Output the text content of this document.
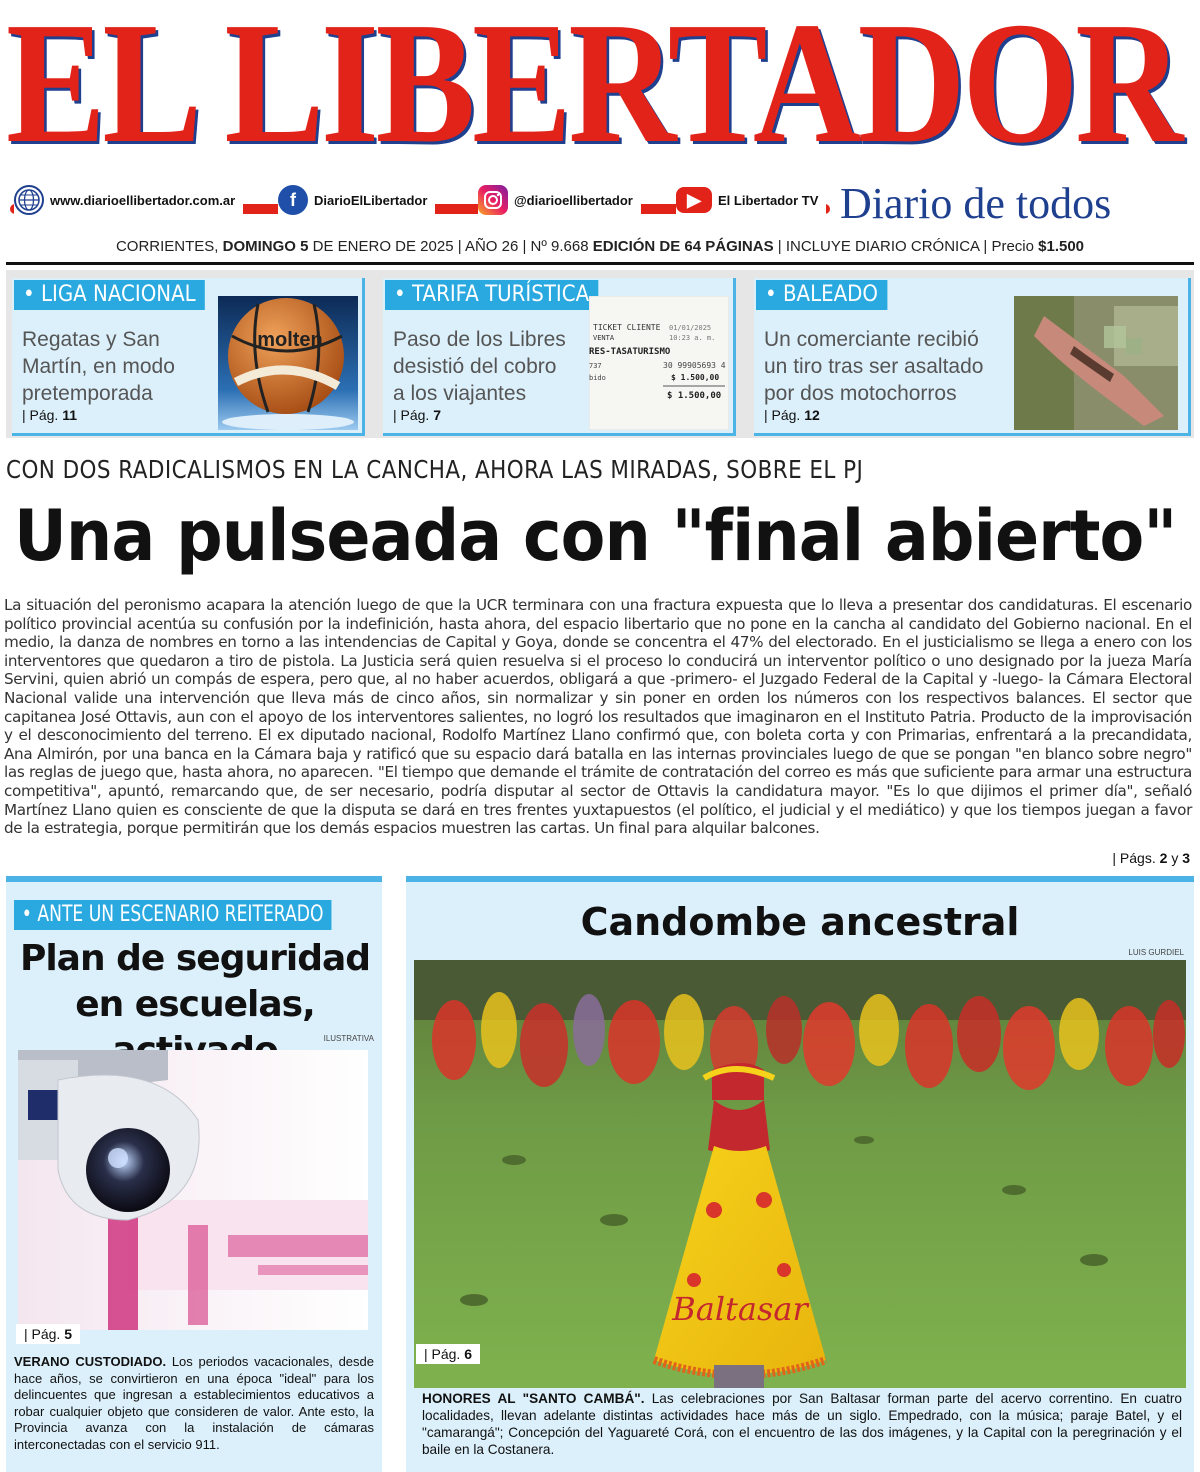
EL LIBERTADOR
www.diarioellibertador.com.ar	f	DiarioElLibertador	@diarioellibertador	▶	El Libertador TV Diario de todos
CORRIENTES, DOMINGO 5 DE ENERO DE 2025 | AÑO 26 | Nº 9.668 EDICIÓN DE 64 PÁGINAS | INCLUYE DIARIO CRÓNICA | Precio $1.500
• LIGA NACIONAL
Regatas y San Martín, en modo pretemporada
| Pág. 11
molten
• TARIFA TURÍSTICA
Paso de los Libres desistió del cobro a los viajantes
| Pág. 7
TICKET CLIENTE
VENTA
01/01/2025
10:23 a. m.
RES-TASATURISMO
737	30 99905693 4
bido	$ 1.500,00
$ 1.500,00
• BALEADO
Un comerciante recibió un tiro tras ser asaltado por dos motochorros
| Pág. 12
CON DOS RADICALISMOS EN LA CANCHA, AHORA LAS MIRADAS, SOBRE EL PJ
Una pulseada con "final abierto"
La situación del peronismo acapara la atención luego de que la UCR terminara con una fractura expuesta que lo lleva a presentar dos candidaturas. El escenario político provincial acentúa su confusión por la indefinición, hasta ahora, del espacio libertario que no pone en la cancha al candidato del Gobierno nacional. En el medio, la danza de nombres en torno a las intendencias de Capital y Goya, donde se concentra el 47% del electorado. En el justicialismo se llega a enero con los interventores que quedaron a tiro de pistola. La Justicia será quien resuelva si el proceso lo conducirá un interventor político o uno designado por la jueza María Servini, quien abrió un compás de espera, pero que, al no haber acuerdos, obligará a que -primero- el Juzgado Federal de la Capital y -luego- la Cámara Electoral Nacional valide una intervención que lleva más de cinco años, sin normalizar y sin poner en orden los números con los respectivos balances. El sector que capitanea José Ottavis, aun con el apoyo de los interventores salientes, no logró los resultados que imaginaron en el Instituto Patria. Producto de la improvisación y el desconocimiento del terreno. El ex diputado nacional, Rodolfo Martínez Llano confirmó que, con boleta corta y con Primarias, enfrentará a la precandidata, Ana Almirón, por una banca en la Cámara baja y ratificó que su espacio dará batalla en las internas provinciales luego de que se pongan "en blanco sobre negro" las reglas de juego que, hasta ahora, no aparecen. "El tiempo que demande el trámite de contratación del correo es más que suficiente para armar una estructura competitiva", apuntó, remarcando que, de ser necesario, podría disputar al sector de Ottavis la candidatura mayor. "Es lo que dijimos el primer día", señaló Martínez Llano quien es consciente de que la disputa se dará en tres frentes yuxtapuestos (el político, el judicial y el mediático) y que los tiempos juegan a favor de la estrategia, porque permitirán que los demás espacios muestren las cartas. Un final para alquilar balcones.
| Págs. 2 y 3
• ANTE UN ESCENARIO REITERADO
Plan de seguridad en escuelas,
ILUSTRATIVA
| Pág. 5
VERANO CUSTODIADO. Los periodos vacacionales, desde hace años, se convirtieron en una época "ideal" para los delincuentes que ingresan a establecimientos educativos a robar cualquier objeto que consideren de valor. Ante esto, la Provincia avanza con la instalación de cámaras interconectadas con el servicio 911.
Candombe ancestral
LUIS GURDIEL
Baltasar
| Pág. 6
HONORES AL "SANTO CAMBÁ". Las celebraciones por San Baltasar forman parte del acervo correntino. En cuatro localidades, llevan adelante distintas actividades hace más de un siglo. Empedrado, con la música; paraje Batel, y el "camarangá"; Concepción del Yaguareté Corá, con el encuentro de las dos imágenes, y la Capital con la peregrinación y el baile en la Costanera.
